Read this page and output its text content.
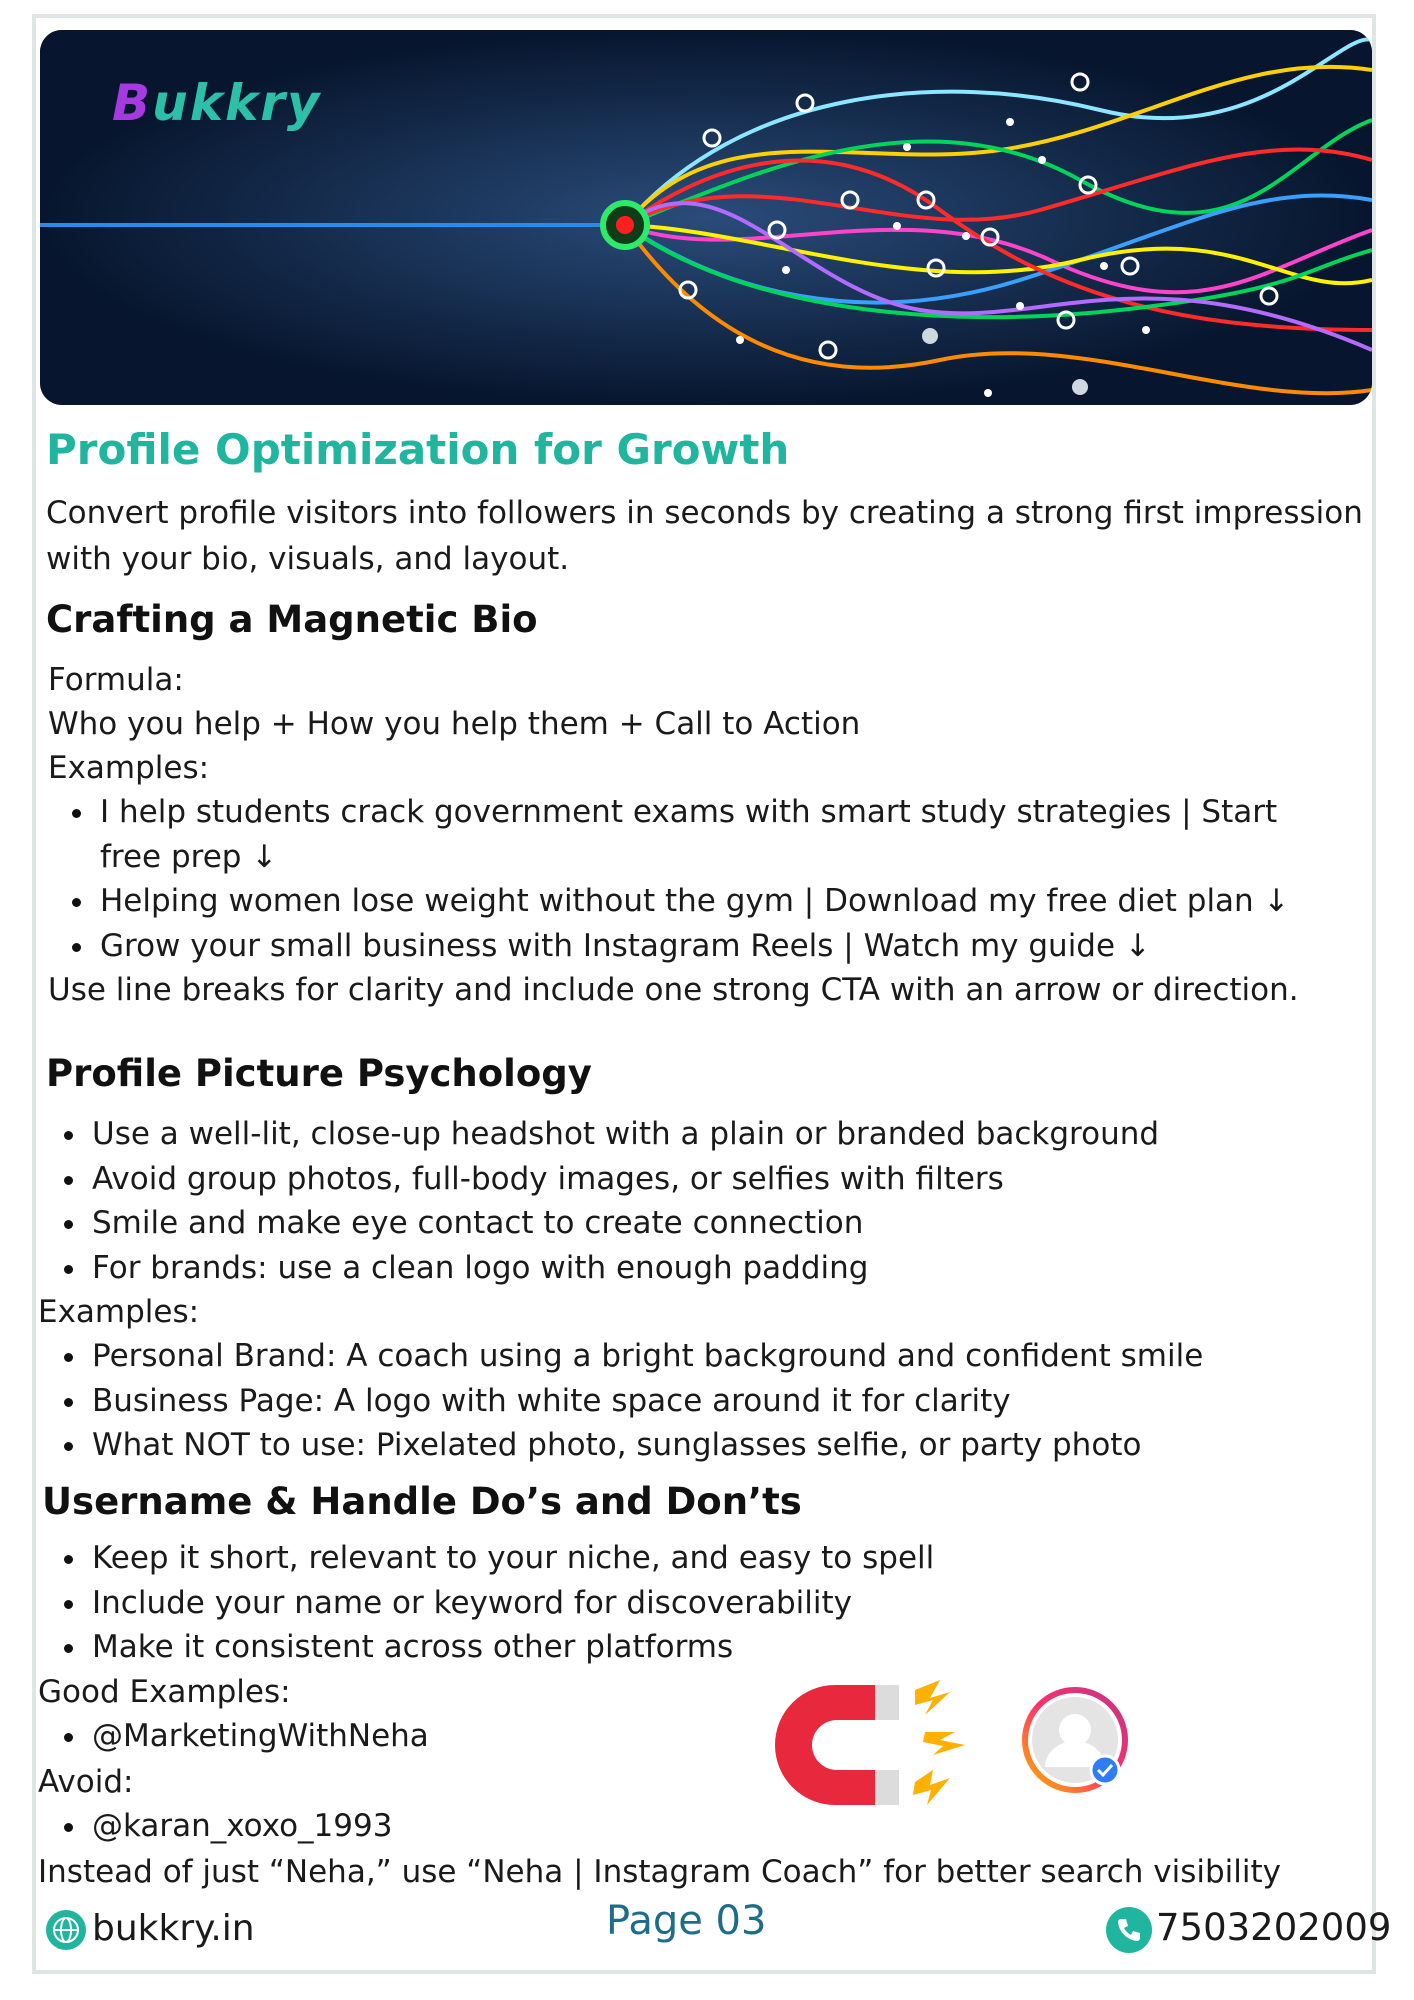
Bukkry
Profile Optimization for Growth

Convert profile visitors into followers in seconds by creating a strong first impression with your bio, visuals, and layout.

Crafting a Magnetic Bio

Formula:

Who you help + How you help them + Call to Action

Examples:

I help students crack government exams with smart study strategies | Start free prep ↓
Helping women lose weight without the gym | Download my free diet plan ↓
Grow your small business with Instagram Reels | Watch my guide ↓

Use line breaks for clarity and include one strong CTA with an arrow or direction.

Profile Picture Psychology
Use a well-lit, close-up headshot with a plain or branded background
Avoid group photos, full-body images, or selfies with filters
Smile and make eye contact to create connection
For brands: use a clean logo with enough padding

Examples:

Personal Brand: A coach using a bright background and confident smile
Business Page: A logo with white space around it for clarity
What NOT to use: Pixelated photo, sunglasses selfie, or party photo
Username & Handle Do’s and Don’ts
Keep it short, relevant to your niche, and easy to spell
Include your name or keyword for discoverability
Make it consistent across other platforms

Good Examples:

@MarketingWithNeha

Avoid:

@karan_xoxo_1993

Instead of just “Neha,” use “Neha | Instagram Coach” for better search visibility

bukkry.in	Page 03	7503202009
